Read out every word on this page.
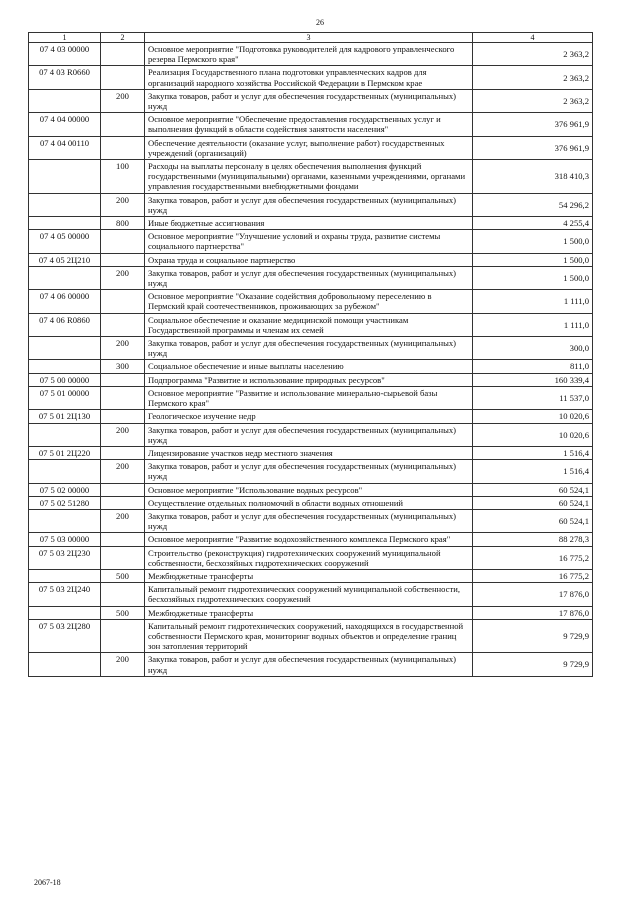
26
1	2	3	4
07 4 03 00000		Основное мероприятие "Подготовка руководителей для кадрового управленческого резерва Пермского края"	2 363,2
07 4 03 R0660		Реализация Государственного плана подготовки управленческих кадров для организаций народного хозяйства Российской Федерации в Пермском крае	2 363,2
	200	Закупка товаров, работ и услуг для обеспечения государственных (муниципальных) нужд	2 363,2
07 4 04 00000		Основное мероприятие "Обеспечение предоставления государственных услуг и выполнения функций в области содействия занятости населения"	376 961,9
07 4 04 00110		Обеспечение деятельности (оказание услуг, выполнение работ) государственных учреждений (организаций)	376 961,9
	100	Расходы на выплаты персоналу в целях обеспечения выполнения функций государственными (муниципальными) органами, казенными учреждениями, органами управления государственными внебюджетными фондами	318 410,3
	200	Закупка товаров, работ и услуг для обеспечения государственных (муниципальных) нужд	54 296,2
	800	Иные бюджетные ассигнования	4 255,4
07 4 05 00000		Основное мероприятие "Улучшение условий и охраны труда, развитие системы социального партнерства"	1 500,0
07 4 05 2Ц210		Охрана труда и социальное партнерство	1 500,0
	200	Закупка товаров, работ и услуг для обеспечения государственных (муниципальных) нужд	1 500,0
07 4 06 00000		Основное мероприятие "Оказание содействия добровольному переселению в Пермский край соотечественников, проживающих за рубежом"	1 111,0
07 4 06 R0860		Социальное обеспечение и оказание медицинской помощи участникам Государственной программы и членам их семей	1 111,0
	200	Закупка товаров, работ и услуг для обеспечения государственных (муниципальных) нужд	300,0
	300	Социальное обеспечение и иные выплаты населению	811,0
07 5 00 00000		Подпрограмма "Развитие и использование природных ресурсов"	160 339,4
07 5 01 00000		Основное мероприятие "Развитие и использование минерально-сырьевой базы Пермского края"	11 537,0
07 5 01 2Ц130		Геологическое изучение недр	10 020,6
	200	Закупка товаров, работ и услуг для обеспечения государственных (муниципальных) нужд	10 020,6
07 5 01 2Ц220		Лицензирование участков недр местного значения	1 516,4
	200	Закупка товаров, работ и услуг для обеспечения государственных (муниципальных) нужд	1 516,4
07 5 02 00000		Основное мероприятие "Использование водных ресурсов"	60 524,1
07 5 02 51280		Осуществление отдельных полномочий в области водных отношений	60 524,1
	200	Закупка товаров, работ и услуг для обеспечения государственных (муниципальных) нужд	60 524,1
07 5 03 00000		Основное мероприятие "Развитие водохозяйственного комплекса Пермского края"	88 278,3
07 5 03 2Ц230		Строительство (реконструкция) гидротехнических сооружений муниципальной собственности, бесхозяйных гидротехнических сооружений	16 775,2
	500	Межбюджетные трансферты	16 775,2
07 5 03 2Ц240		Капитальный ремонт гидротехнических сооружений муниципальной собственности, бесхозяйных гидротехнических сооружений	17 876,0
	500	Межбюджетные трансферты	17 876,0
07 5 03 2Ц280		Капитальный ремонт гидротехнических сооружений, находящихся в государственной собственности Пермского края, мониторинг водных объектов и определение границ зон затопления территорий	9 729,9
	200	Закупка товаров, работ и услуг для обеспечения государственных (муниципальных) нужд	9 729,9
2067-18
